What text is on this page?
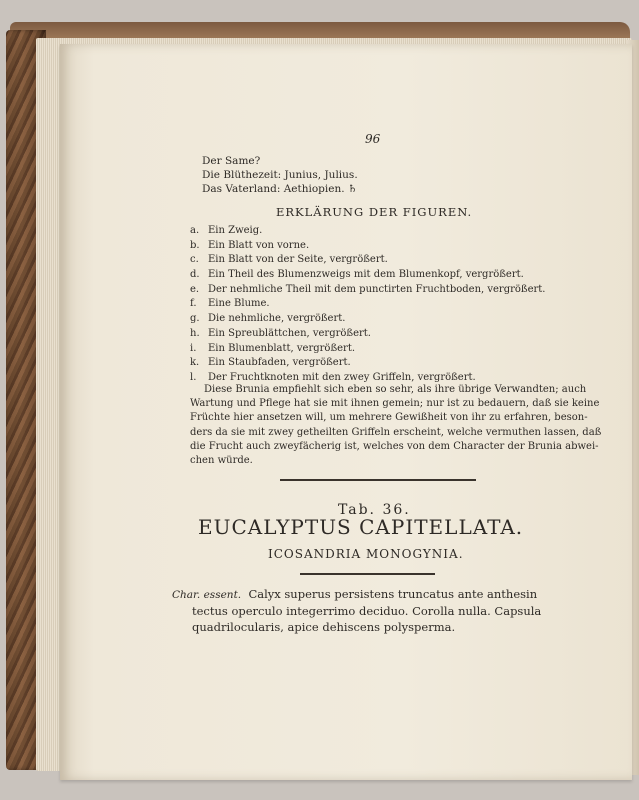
96
Der Same?
Die Blüthezeit: Junius, Julius.
Das Vaterland: Aethiopien. ♄
ERKLÄRUNG DER FIGUREN.
a. Ein Zweig.
b. Ein Blatt von vorne.
c. Ein Blatt von der Seite, vergrößert.
d. Ein Theil des Blumenzweigs mit dem Blumenkopf, vergrößert.
e. Der nehmliche Theil mit dem punctirten Fruchtboden, vergrößert.
f.	Eine Blume.
g. Die nehmliche, vergrößert.
h. Ein Spreublättchen, vergrößert.
i.	Ein Blumenblatt, vergrößert.
k. Ein Staubfaden, vergrößert.
l.	Der Fruchtknoten mit den zwey Griffeln, vergrößert.
Diese Brunia empfiehlt sich eben so sehr, als ihre übrige Verwandten; auch
Wartung und Pflege hat sie mit ihnen gemein; nur ist zu bedauern, daß sie keine
Früchte hier ansetzen will, um mehrere Gewißheit von ihr zu erfahren, beson-
ders da sie mit zwey getheilten Griffeln erscheint, welche vermuthen lassen, daß
die Frucht auch zweyfächerig ist, welches von dem Character der Brunia abwei-
chen würde.
Tab. 36.
EUCALYPTUS CAPITELLATA.
ICOSANDRIA MONOGYNIA.
Char. essent. Calyx superus persistens truncatus ante anthesin
tectus operculo integerrimo deciduo. Corolla nulla. Capsula
quadrilocularis, apice dehiscens polysperma.
